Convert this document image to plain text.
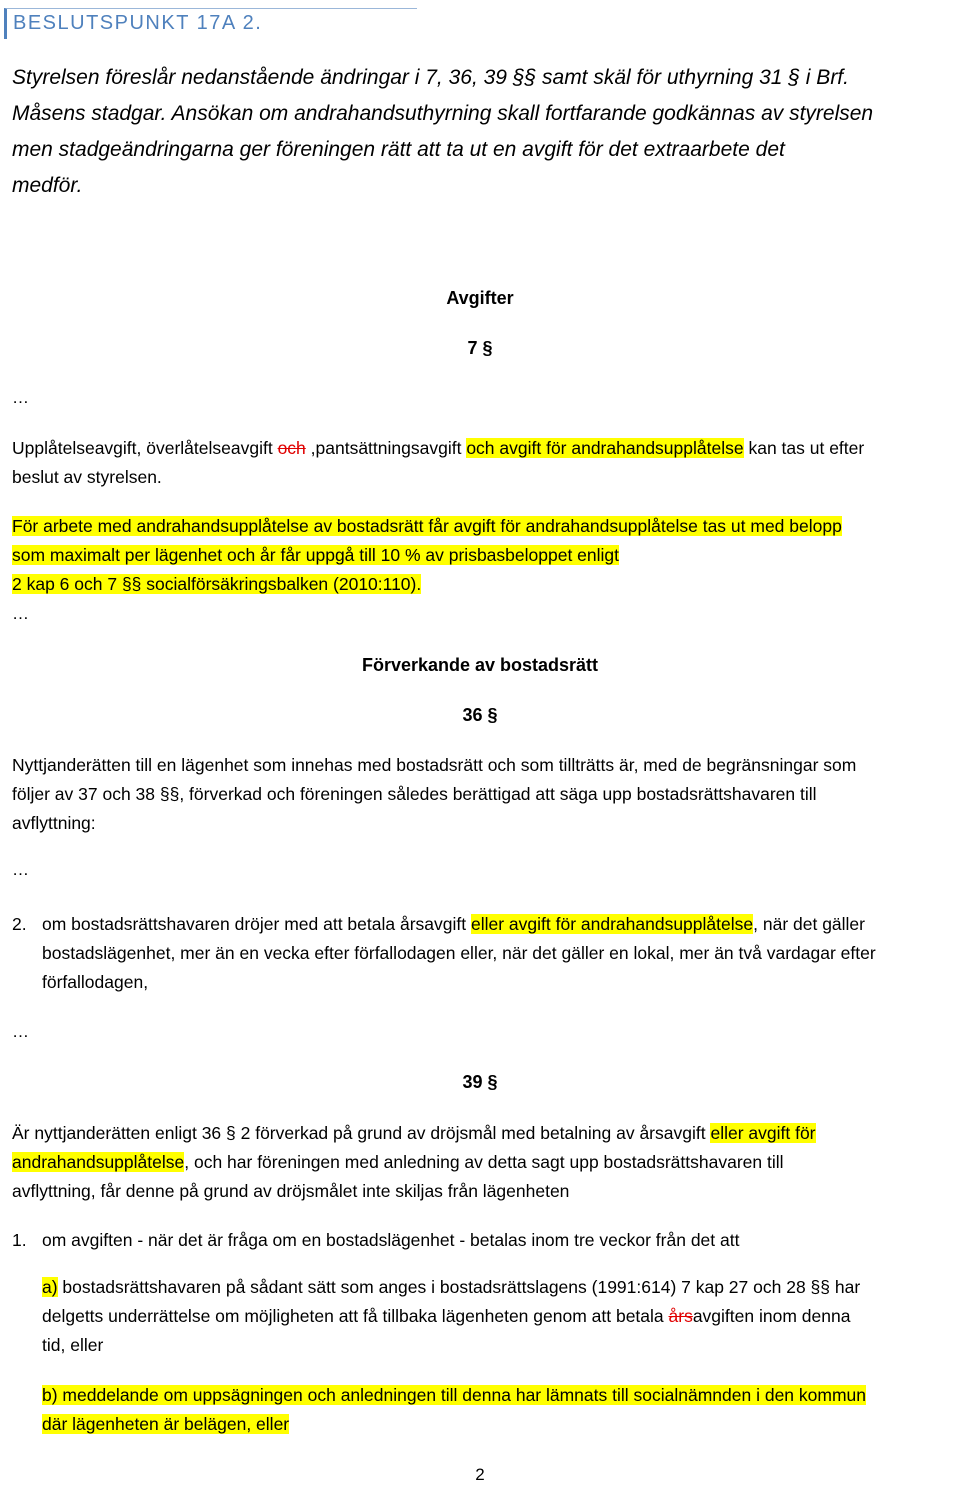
BESLUTSPUNKT 17A 2.
Styrelsen föreslår nedanstående ändringar i 7, 36, 39 §§ samt skäl för uthyrning 31 § i Brf.
Måsens stadgar. Ansökan om andrahandsuthyrning skall fortfarande godkännas av styrelsen
men stadgeändringarna ger föreningen rätt att ta ut en avgift för det extraarbete det
medför.
Avgifter
7 §
…
Upplåtelseavgift, överlåtelseavgift och ,pantsättningsavgift och avgift för andrahandsupplåtelse kan tas ut efter
beslut av styrelsen.
För arbete med andrahandsupplåtelse av bostadsrätt får avgift för andrahandsupplåtelse tas ut med belopp
som maximalt per lägenhet och år får uppgå till 10 % av prisbasbeloppet enligt
2 kap 6 och 7 §§ socialförsäkringsbalken (2010:110).
…
Förverkande av bostadsrätt
36 §
Nyttjanderätten till en lägenhet som innehas med bostadsrätt och som tillträtts är, med de begränsningar som
följer av 37 och 38 §§, förverkad och föreningen således berättigad att säga upp bostadsrättshavaren till
avflyttning:
…
2. om bostadsrättshavaren dröjer med att betala årsavgift eller avgift för andrahandsupplåtelse, när det gäller
bostadslägenhet, mer än en vecka efter förfallodagen eller, när det gäller en lokal, mer än två vardagar efter
förfallodagen,
…
39 §
Är nyttjanderätten enligt 36 § 2 förverkad på grund av dröjsmål med betalning av årsavgift eller avgift för
andrahandsupplåtelse, och har föreningen med anledning av detta sagt upp bostadsrättshavaren till
avflyttning, får denne på grund av dröjsmålet inte skiljas från lägenheten
1. om avgiften - när det är fråga om en bostadslägenhet - betalas inom tre veckor från det att
a) bostadsrättshavaren på sådant sätt som anges i bostadsrättslagens (1991:614) 7 kap 27 och 28 §§ har
delgetts underrättelse om möjligheten att få tillbaka lägenheten genom att betala årsavgiften inom denna
tid, eller
b) meddelande om uppsägningen och anledningen till denna har lämnats till socialnämnden i den kommun
där lägenheten är belägen, eller
2
